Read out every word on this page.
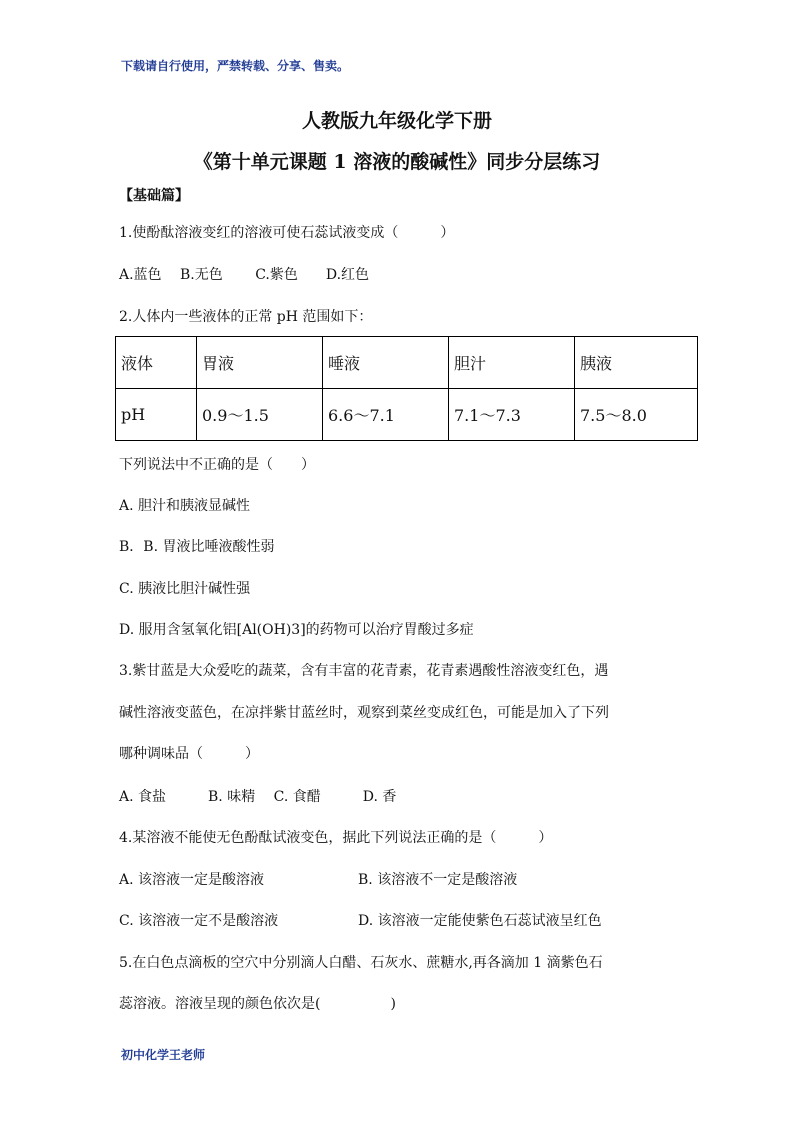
下载请自行使用，严禁转载、分享、售卖。
人教版九年级化学下册
《第十单元课题 1 溶液的酸碱性》同步分层练习
【基础篇】
1.使酚酞溶液变红的溶液可使石蕊试液变成（　　　）
A.蓝色　 B.无色　　 C.紫色　　D.红色
2.人体内一些液体的正常 pH 范围如下：
液体	胃液	唾液	胆汁	胰液
pH	0.9～1.5	6.6～7.1	7.1～7.3	7.5～8.0
下列说法中不正确的是（　　）
A. 胆汁和胰液显碱性
B．B. 胃液比唾液酸性弱
C. 胰液比胆汁碱性强
D. 服用含氢氧化铝[Al(OH)3]的药物可以治疗胃酸过多症
3.紫甘蓝是大众爱吃的蔬菜，含有丰富的花青素，花青素遇酸性溶液变红色，遇
碱性溶液变蓝色，在凉拌紫甘蓝丝时，观察到菜丝变成红色，可能是加入了下列
哪种调味品（　　　）
A. 食盐　　　B. 味精　 C. 食醋　　　D. 香
4.某溶液不能使无色酚酞试液变色，据此下列说法正确的是（　　　）
A. 该溶液一定是酸溶液	B. 该溶液不一定是酸溶液
C. 该溶液一定不是酸溶液	D. 该溶液一定能使紫色石蕊试液呈红色
5.在白色点滴板的空穴中分别滴人白醋、石灰水、蔗糖水,再各滴加 1 滴紫色石
蕊溶液。溶液呈现的颜色依次是(　　　　　)
初中化学王老师
